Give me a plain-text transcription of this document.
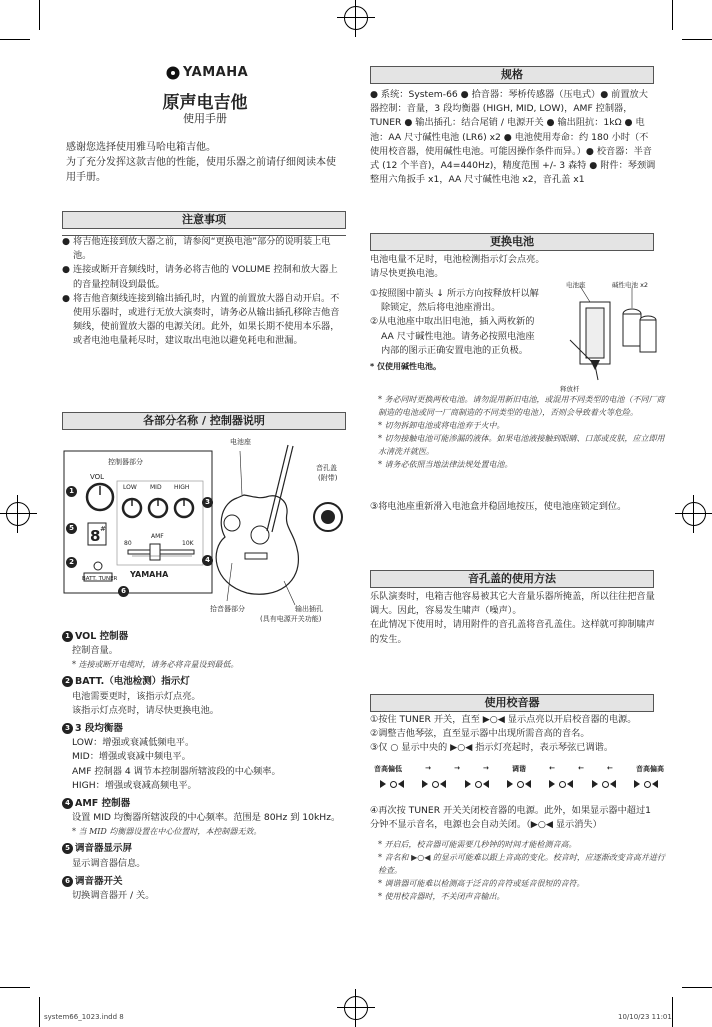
YAMAHA
原声电吉他
使用手册

感谢您选择使用雅马哈电箱吉他。

为了充分发挥这款吉他的性能，使用乐器之前请仔细阅读本使用手册。

注意事项

● 将吉他连接到放大器之前，请参阅“更换电池”部分的说明装上电池。

● 连接或断开音频线时，请务必将吉他的 VOLUME 控制和放大器上的音量控制设到最低。

● 将吉他音频线连接到输出插孔时，内置的前置放大器自动开启。不使用乐器时，或进行无放大演奏时，请务必从输出插孔移除吉他音频线，使前置放大器的电源关闭。此外，如果长期不使用本乐器，或者电池电量耗尽时，建议取出电池以避免耗电和泄漏。

各部分名称 / 控制器说明
8 #
控制器部分
VOL
LOW MID HIGH
AMF
80	10K
BATT. TUNER YAMAHA
电池座
音孔盖
(附带)
拾音器部分	输出插孔
(具有电源开关功能)
1
2
3
4
5
6

1 VOL 控制器

控制音量。

* 连接或断开电缆时，请务必将音量设到最低。

2 BATT.（电池检测）指示灯

电池需要更时，该指示灯点亮。

该指示灯点亮时，请尽快更换电池。

3 3 段均衡器

LOW：增强或衰减低频电平。

MID：增强或衰减中频电平。

AMF 控制器 4 调节本控制器所辖波段的中心频率。

HIGH：增强或衰减高频电平。

4 AMF 控制器

设置 MID 均衡器所辖波段的中心频率。范围是 80Hz 到 10kHz。

* 当 MID 均衡器设置在中心位置时，本控制器无效。

5 调音器显示屏

显示调音器信息。

6 调音器开关

切换调音器开 / 关。

规格
● 系统：System-66 ● 拾音器：琴桥传感器（压电式）● 前置放大器控制：音量，3 段均衡器 (HIGH, MID, LOW)，AMF 控制器，TUNER ● 输出插孔：结合尾销 / 电源开关 ● 输出阻抗：1kΩ ● 电池：AA 尺寸碱性电池 (LR6) x2 ● 电池使用寿命：约 180 小时（不使用校音器，使用碱性电池。可能因操作条件而异。）● 校音器：半音式 (12 个半音)，A4=440Hz)，精度范围 +/- 3 森特 ● 附件：琴颈调整用六角扳手 x1，AA 尺寸碱性电池 x2，音孔盖 x1
更换电池

电池电量不足时，电池检测指示灯会点亮。

请尽快更换电池。

①按照图中箭头 ↓ 所示方向按释放杆以解除锁定，然后将电池座滑出。

②从电池座中取出旧电池，插入两枚新的 AA 尺寸碱性电池。请务必按照电池座内部的图示正确安置电池的正负极。

* 仅使用碱性电池。

电池座	碱性电池 x2
释放杆

* 务必同时更换两枚电池。请勿混用新旧电池，或混用不同类型的电池（不同厂商制造的电池或同一厂商制造的不同类型的电池），否则会导致着火等危险。

* 切勿拆卸电池或将电池弃于火中。

* 切勿接触电池可能渗漏的液体。如果电池液接触到眼睛、口部或皮肤，应立即用水清洗并就医。

* 请务必依照当地法律法规处置电池。

③将电池座重新滑入电池盒并稳固地按压，使电池座锁定到位。
音孔盖的使用方法

乐队演奏时，电箱吉他容易被其它大音量乐器所掩盖，所以往往把音量调大。因此，容易发生啸声（噪声）。

在此情况下使用时，请用附件的音孔盖将音孔盖住。这样就可抑制啸声的发生。

使用校音器

①按住 TUNER 开关，直至 ▶○◀ 显示点亮以开启校音器的电源。

②调整吉他琴弦，直至显示器中出现所需音高的音名。

③仅 ○ 显示中央的 ▶○◀ 指示灯亮起时，表示琴弦已调谐。

音高偏低	→	→	→	调谐	←	←	←	音高偏高
④再次按 TUNER 开关关闭校音器的电源。此外，如果显示器中超过1分钟不显示音名，电源也会自动关闭。（▶○◀ 显示消失）

* 开启后，校音器可能需要几秒钟的时间才能检测音高。

* 音名和 ▶○◀ 的显示可能难以跟上音高的变化。校音时，应逐渐改变音高并进行检查。

* 调谐器可能难以检测高于泛音的音符或延音很短的音符。

* 使用校音器时，不关闭声音输出。

system66_1023.indd 8	10/10/23 11:01
